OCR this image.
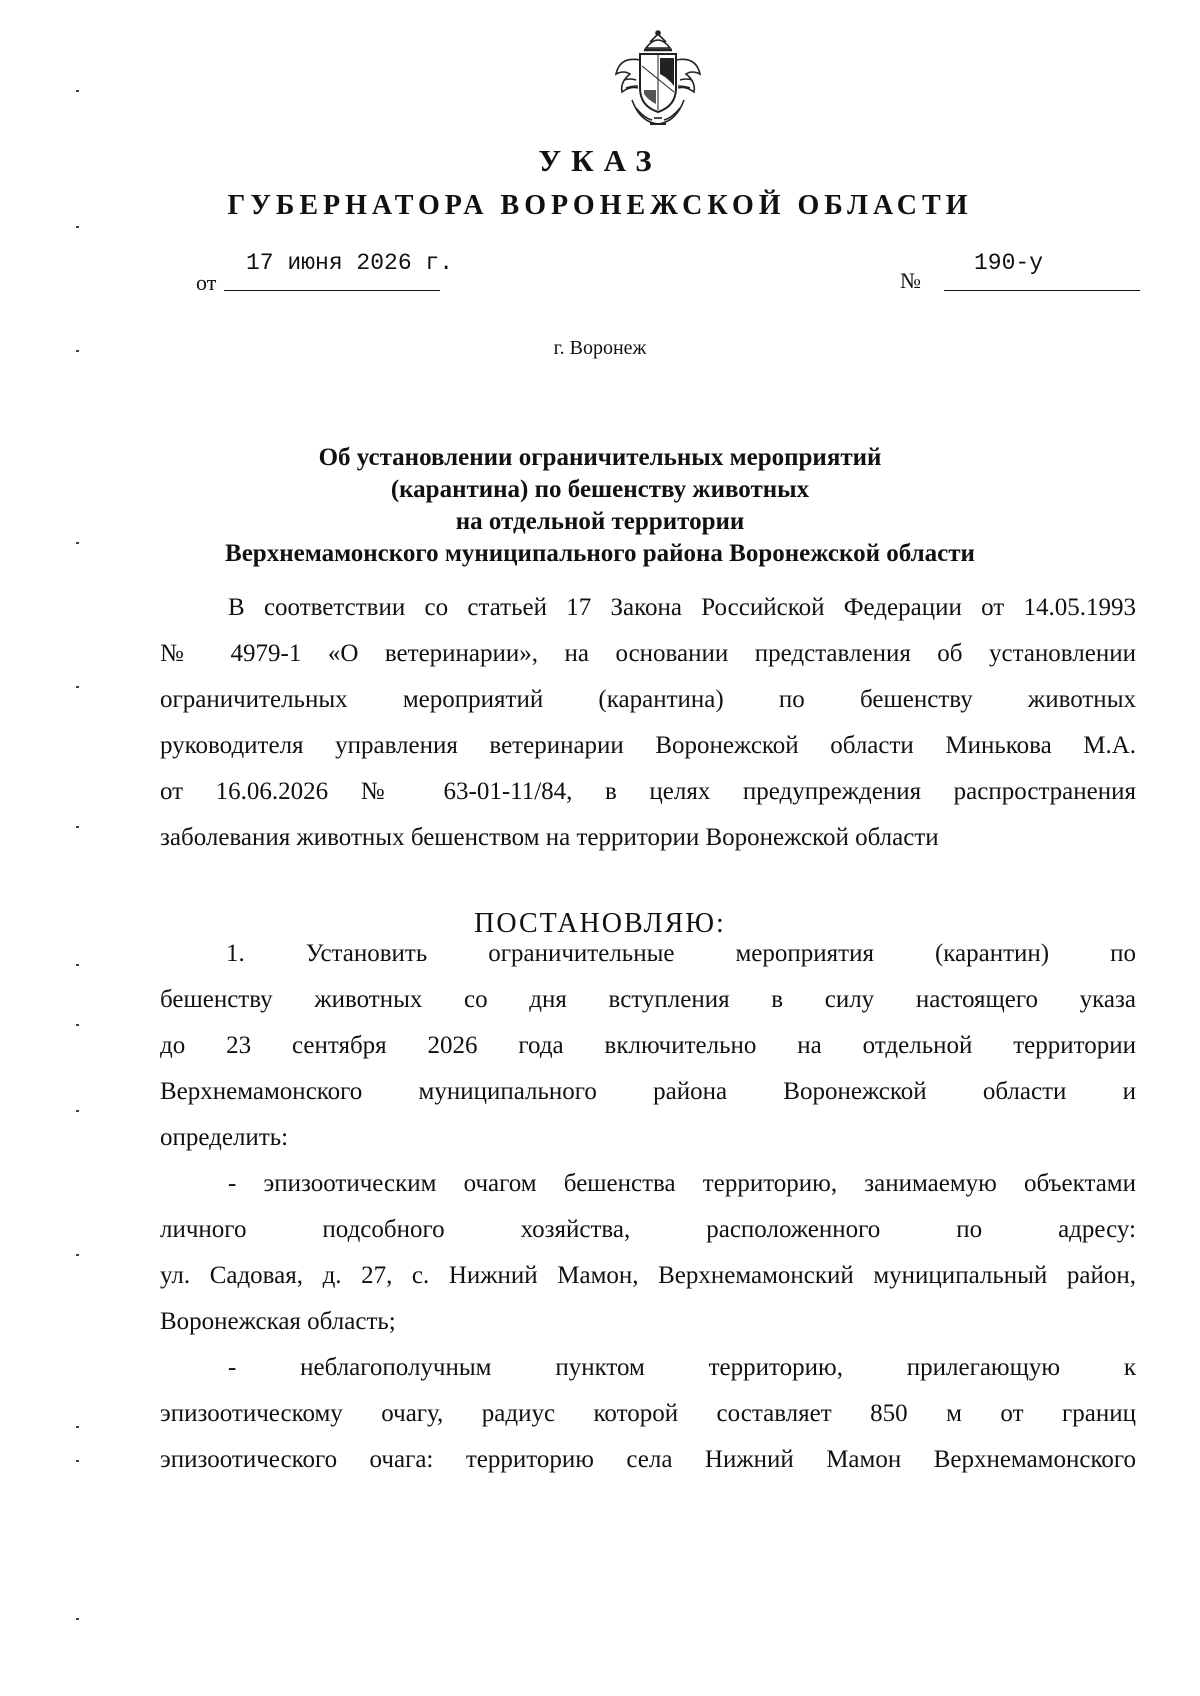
УКАЗ
ГУБЕРНАТОРА ВОРОНЕЖСКОЙ ОБЛАСТИ
от
17 июня 2026 г.
№
190-у
г. Воронеж
Об установлении ограничительных мероприятий
(карантина) по бешенству животных
на отдельной территории
Верхнемамонского муниципального района Воронежской области
В соответствии со статьей 17 Закона Российской Федерации от 14.05.1993
№ 4979-1 «О ветеринарии», на основании представления об установлении
ограничительных мероприятий (карантина) по бешенству животных
руководителя управления ветеринарии Воронежской области Минькова М.А.
от 16.06.2026 № 63-01-11/84, в целях предупреждения распространения
заболевания животных бешенством на территории Воронежской области
ПОСТАНОВЛЯЮ:
1. Установить ограничительные мероприятия (карантин) по
бешенству животных со дня вступления в силу настоящего указа
до 23 сентября 2026 года включительно на отдельной территории
Верхнемамонского муниципального района Воронежской области и
определить:
- эпизоотическим очагом бешенства территорию, занимаемую объектами
личного подсобного хозяйства, расположенного по адресу:
ул. Садовая, д. 27, с. Нижний Мамон, Верхнемамонский муниципальный район,
Воронежская область;
- неблагополучным пунктом территорию, прилегающую к
эпизоотическому очагу, радиус которой составляет 850 м от границ
эпизоотического очага: территорию села Нижний Мамон Верхнемамонского
